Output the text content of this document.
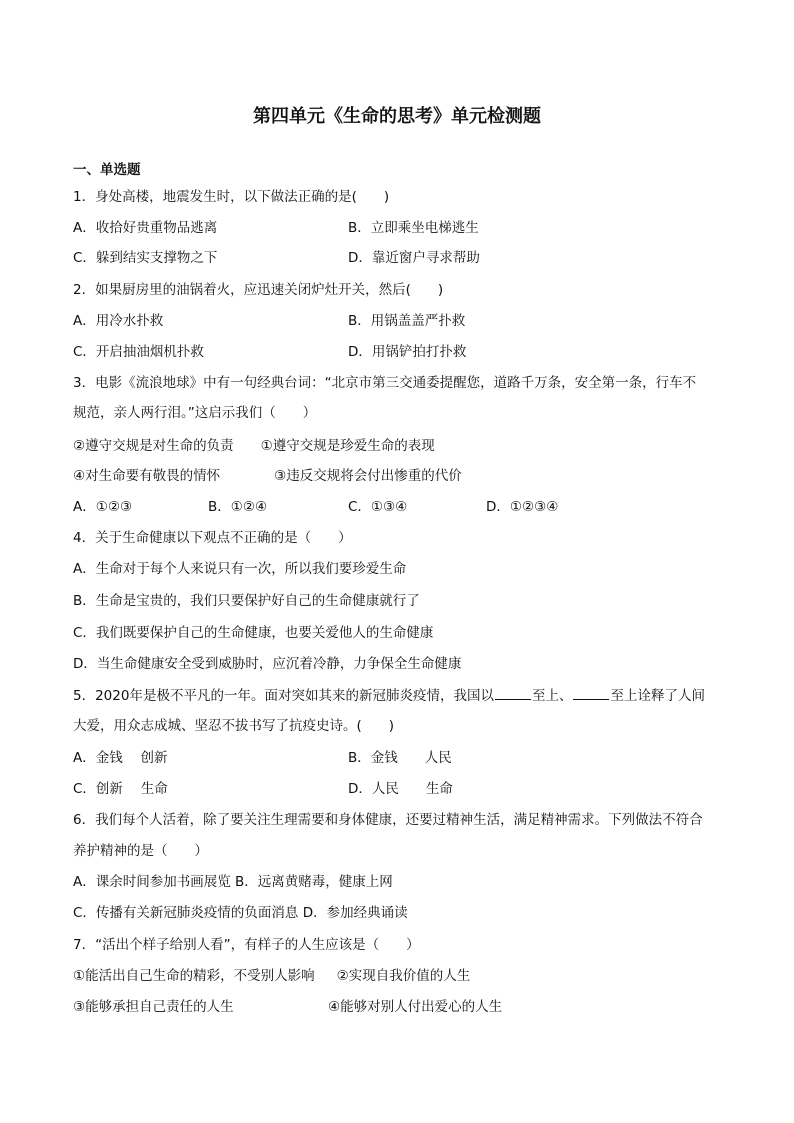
第四单元《生命的思考》单元检测题
一、单选题
1．身处高楼，地震发生时，以下做法正确的是(　　)
A．收拾好贵重物品逃离	B．立即乘坐电梯逃生
C．躲到结实支撑物之下	D．靠近窗户寻求帮助
2．如果厨房里的油锅着火，应迅速关闭炉灶开关，然后(　　)
A．用冷水扑救	B．用锅盖盖严扑救
C．开启抽油烟机扑救	D．用锅铲拍打扑救
3．电影《流浪地球》中有一句经典台词：“北京市第三交通委提醒您，道路千万条，安全第一条，行车不
规范，亲人两行泪。”这启示我们（　　）
②遵守交规是对生命的负责　　①遵守交规是珍爱生命的表现
④对生命要有敬畏的情怀　　　　③违反交规将会付出惨重的代价
A．①②③	B．①②④	C．①③④	D．①②③④
4．关于生命健康以下观点不正确的是（　　）
A．生命对于每个人来说只有一次，所以我们要珍爱生命
B．生命是宝贵的，我们只要保护好自己的生命健康就行了
C．我们既要保护自己的生命健康，也要关爱他人的生命健康
D．当生命健康安全受到威胁时，应沉着冷静，力争保全生命健康
5．2020年是极不平凡的一年。面对突如其来的新冠肺炎疫情，我国以	至上、	至上诠释了人间
大爱，用众志成城、坚忍不拔书写了抗疫史诗。(　　)
A．金钱　 创新	B．金钱　　人民
C．创新　 生命	D．人民　　生命
6．我们每个人活着，除了要关注生理需要和身体健康，还要过精神生活，满足精神需求。下列做法不符合
养护精神的是（　　）
A．课余时间参加书画展览 B．远离黄赌毒，健康上网
C．传播有关新冠肺炎疫情的负面消息 D．参加经典诵读
7．“活出个样子给别人看”，有样子的人生应该是（　　）
①能活出自己生命的精彩，不受别人影响 ②实现自我价值的人生
③能够承担自己责任的人生	④能够对别人付出爱心的人生
